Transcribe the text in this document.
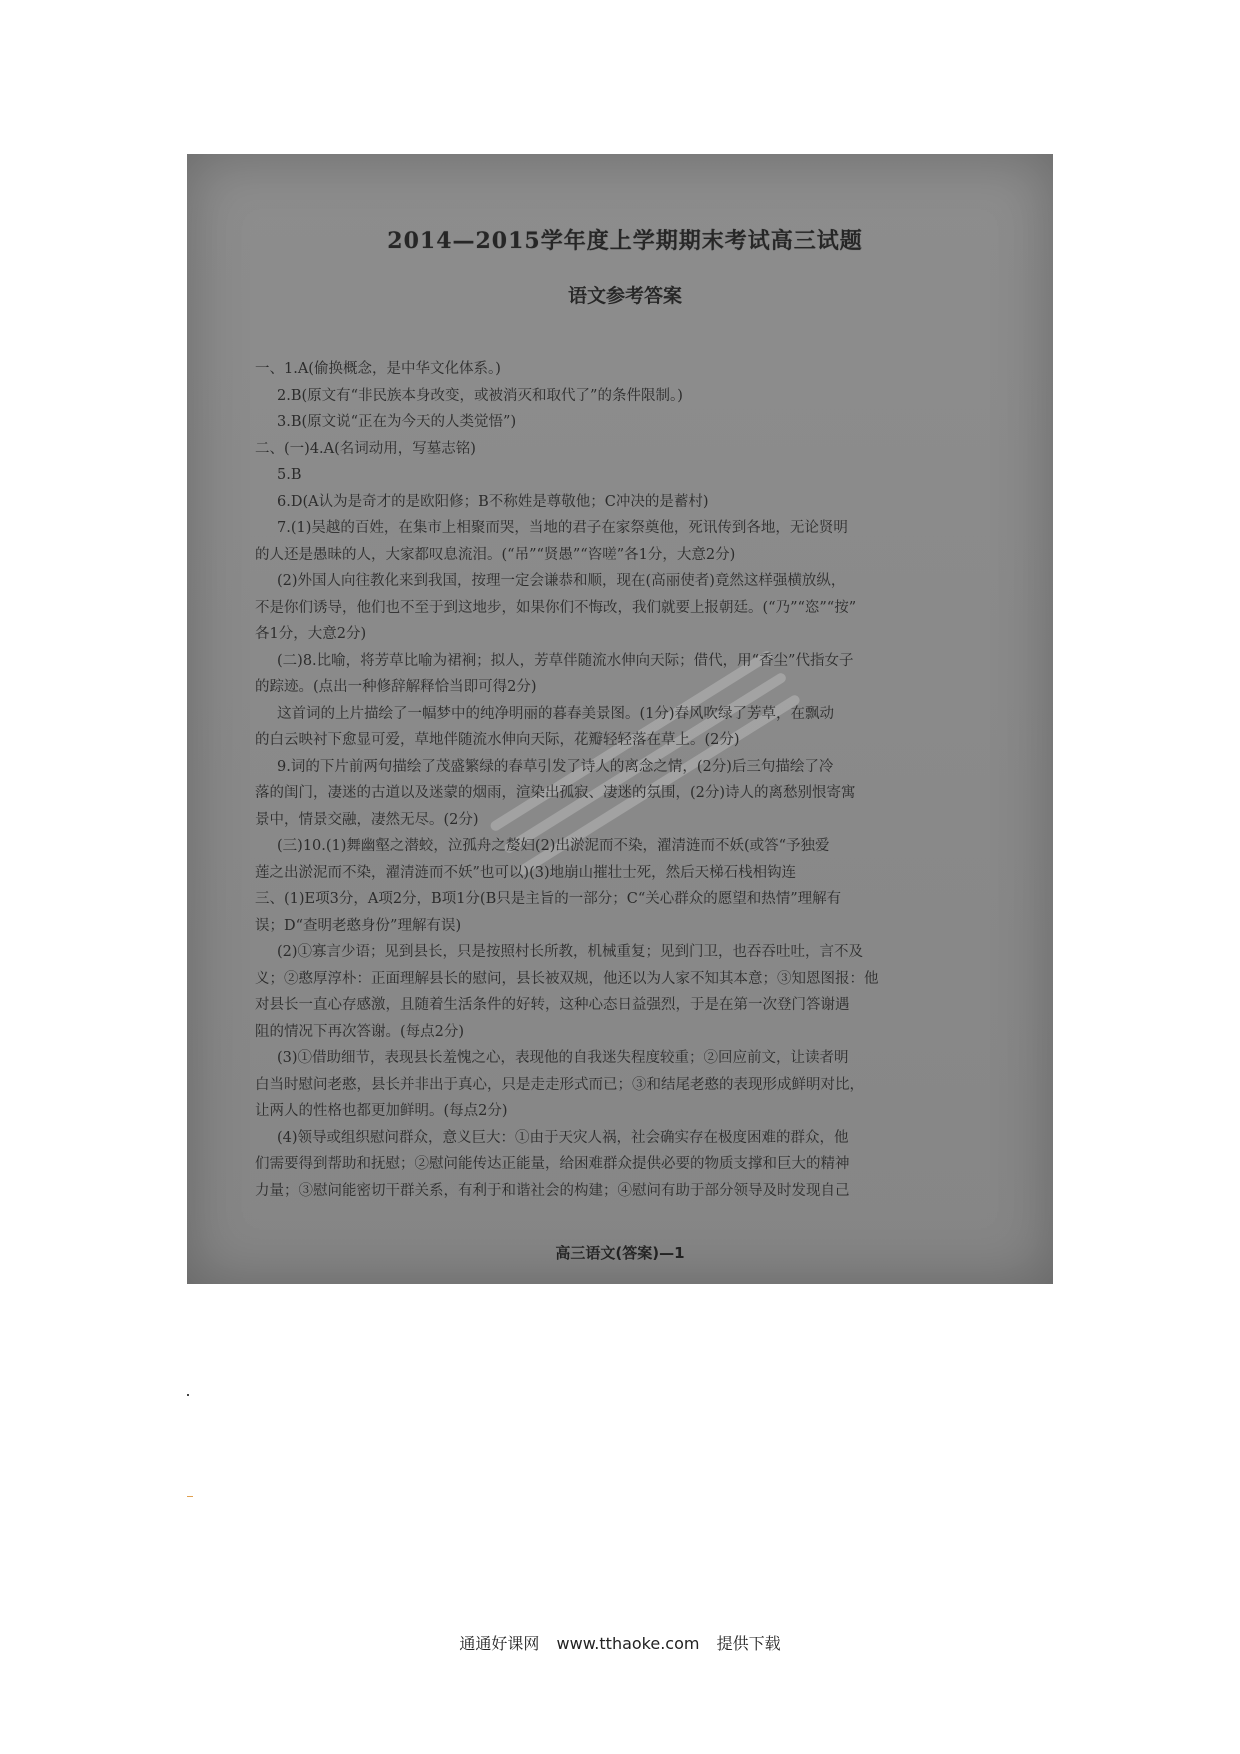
2014—2015学年度上学期期末考试高三试题
语文参考答案
一、1.A(偷换概念，是中华文化体系。)
2.B(原文有“非民族本身改变，或被消灭和取代了”的条件限制。)
3.B(原文说“正在为今天的人类觉悟”)
二、(一)4.A(名词动用，写墓志铭)
5.B
6.D(A认为是奇才的是欧阳修；B不称姓是尊敬他；C冲决的是蓄村)
7.(1)吴越的百姓，在集市上相聚而哭，当地的君子在家祭奠他，死讯传到各地，无论贤明
的人还是愚昧的人，大家都叹息流泪。(“吊”“贤愚”“咨嗟”各1分，大意2分)
(2)外国人向往教化来到我国，按理一定会谦恭和顺，现在(高丽使者)竟然这样强横放纵，
不是你们诱导，他们也不至于到这地步，如果你们不悔改，我们就要上报朝廷。(“乃”“恣”“按”
各1分，大意2分)
(二)8.比喻，将芳草比喻为裙裥；拟人，芳草伴随流水伸向天际；借代，用“香尘”代指女子
的踪迹。(点出一种修辞解释恰当即可得2分)
这首词的上片描绘了一幅梦中的纯净明丽的暮春美景图。(1分)春风吹绿了芳草，在飘动
的白云映衬下愈显可爱，草地伴随流水伸向天际，花瓣轻轻落在草上。(2分)
9.词的下片前两句描绘了茂盛繁绿的春草引发了诗人的离念之情，(2分)后三句描绘了冷
落的闺门，凄迷的古道以及迷蒙的烟雨，渲染出孤寂、凄迷的氛围，(2分)诗人的离愁别恨寄寓
景中，情景交融，凄然无尽。(2分)
(三)10.(1)舞幽壑之潜蛟，泣孤舟之嫠妇(2)出淤泥而不染，濯清涟而不妖(或答“予独爱
莲之出淤泥而不染，濯清涟而不妖”也可以)(3)地崩山摧壮士死，然后天梯石栈相钩连
三、(1)E项3分，A项2分，B项1分(B只是主旨的一部分；C“关心群众的愿望和热情”理解有
误；D“查明老憨身份”理解有误)
(2)①寡言少语；见到县长，只是按照村长所教，机械重复；见到门卫，也吞吞吐吐，言不及
义；②憨厚淳朴：正面理解县长的慰问，县长被双规，他还以为人家不知其本意；③知恩图报：他
对县长一直心存感激，且随着生活条件的好转，这种心态日益强烈，于是在第一次登门答谢遇
阻的情况下再次答谢。(每点2分)
(3)①借助细节，表现县长羞愧之心，表现他的自我迷失程度较重；②回应前文，让读者明
白当时慰问老憨，县长并非出于真心，只是走走形式而已；③和结尾老憨的表现形成鲜明对比，
让两人的性格也都更加鲜明。(每点2分)
(4)领导或组织慰问群众，意义巨大：①由于天灾人祸，社会确实存在极度困难的群众，他
们需要得到帮助和抚慰；②慰问能传达正能量，给困难群众提供必要的物质支撑和巨大的精神
力量；③慰问能密切干群关系，有利于和谐社会的构建；④慰问有助于部分领导及时发现自己
高三语文(答案)—1
通通好课网 www.tthaoke.com 提供下载
